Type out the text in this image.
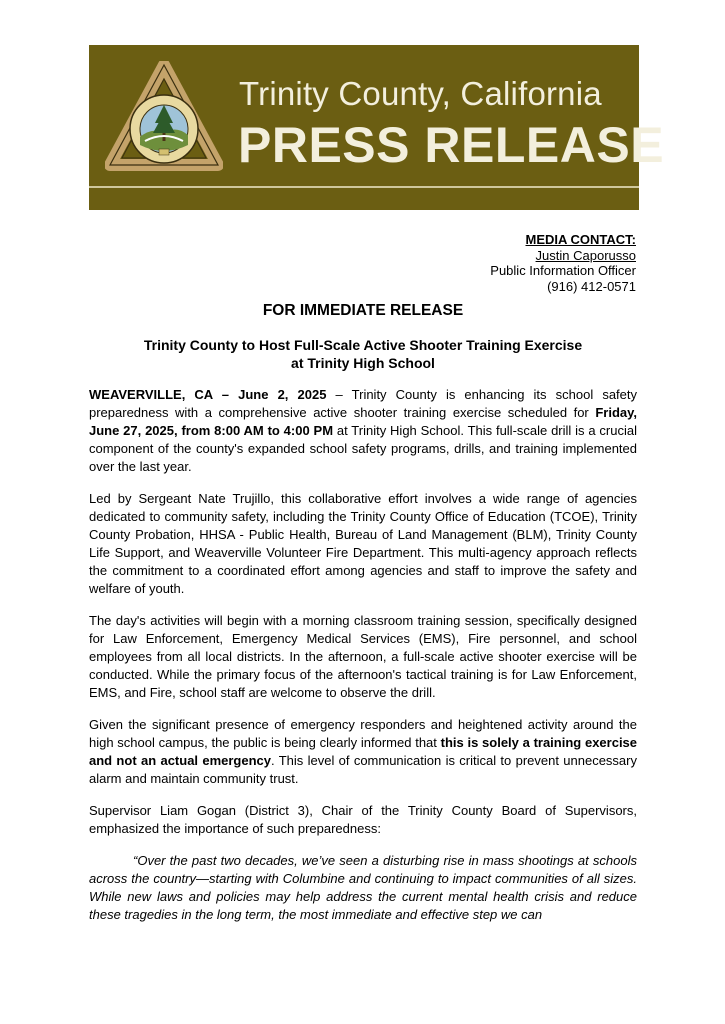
Trinity County, California
PRESS RELEASE
MEDIA CONTACT:
Justin Caporusso
Public Information Officer
(916) 412-0571
FOR IMMEDIATE RELEASE
Trinity County to Host Full-Scale Active Shooter Training Exercise
at Trinity High School

WEAVERVILLE, CA – June 2, 2025 – Trinity County is enhancing its school safety preparedness with a comprehensive active shooter training exercise scheduled for Friday, June 27, 2025, from 8:00 AM to 4:00 PM at Trinity High School. This full-scale drill is a crucial component of the county's expanded school safety programs, drills, and training implemented over the last year.

Led by Sergeant Nate Trujillo, this collaborative effort involves a wide range of agencies dedicated to community safety, including the Trinity County Office of Education (TCOE), Trinity County Probation, HHSA - Public Health, Bureau of Land Management (BLM), Trinity County Life Support, and Weaverville Volunteer Fire Department. This multi-agency approach reflects the commitment to a coordinated effort among agencies and staff to improve the safety and welfare of youth.

The day's activities will begin with a morning classroom training session, specifically designed for Law Enforcement, Emergency Medical Services (EMS), Fire personnel, and school employees from all local districts. In the afternoon, a full-scale active shooter exercise will be conducted. While the primary focus of the afternoon's tactical training is for Law Enforcement, EMS, and Fire, school staff are welcome to observe the drill.

Given the significant presence of emergency responders and heightened activity around the high school campus, the public is being clearly informed that this is solely a training exercise and not an actual emergency. This level of communication is critical to prevent unnecessary alarm and maintain community trust.

Supervisor Liam Gogan (District 3), Chair of the Trinity County Board of Supervisors, emphasized the importance of such preparedness:

“Over the past two decades, we’ve seen a disturbing rise in mass shootings at schools across the country—starting with Columbine and continuing to impact communities of all sizes. While new laws and policies may help address the current mental health crisis and reduce these tragedies in the long term, the most immediate and effective step we can
